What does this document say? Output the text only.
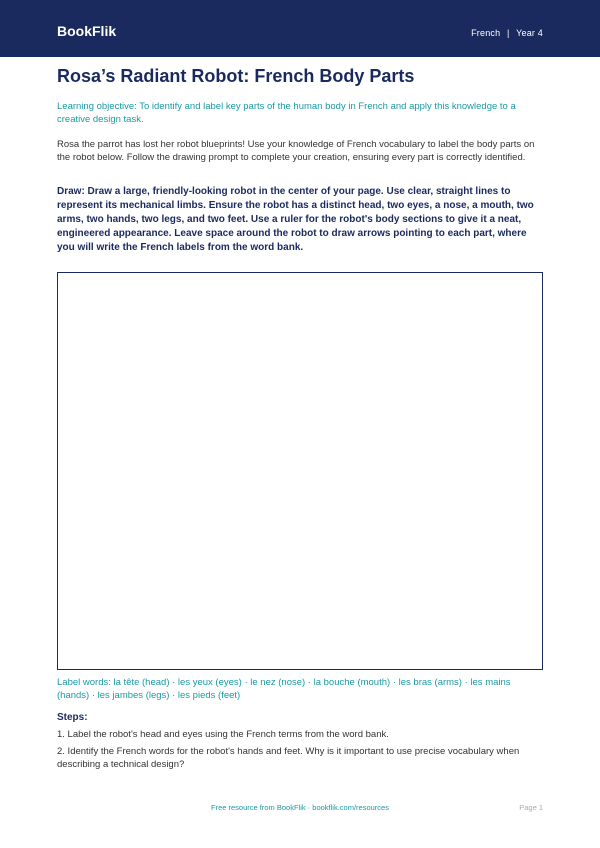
BookFlik	French | Year 4
Rosa’s Radiant Robot: French Body Parts
Learning objective: To identify and label key parts of the human body in French and apply this knowledge to a creative design task.
Rosa the parrot has lost her robot blueprints! Use your knowledge of French vocabulary to label the body parts on the robot below. Follow the drawing prompt to complete your creation, ensuring every part is correctly identified.
Draw: Draw a large, friendly-looking robot in the center of your page. Use clear, straight lines to represent its mechanical limbs. Ensure the robot has a distinct head, two eyes, a nose, a mouth, two arms, two hands, two legs, and two feet. Use a ruler for the robot's body sections to give it a neat, engineered appearance. Leave space around the robot to draw arrows pointing to each part, where you will write the French labels from the word bank.
Label words: la tête (head) · les yeux (eyes) · le nez (nose) · la bouche (mouth) · les bras (arms) · les mains (hands) · les jambes (legs) · les pieds (feet)
Steps:
1. Label the robot's head and eyes using the French terms from the word bank.
2. Identify the French words for the robot's hands and feet. Why is it important to use precise vocabulary when describing a technical design?
Free resource from BookFlik · bookflik.com/resources	Page 1
